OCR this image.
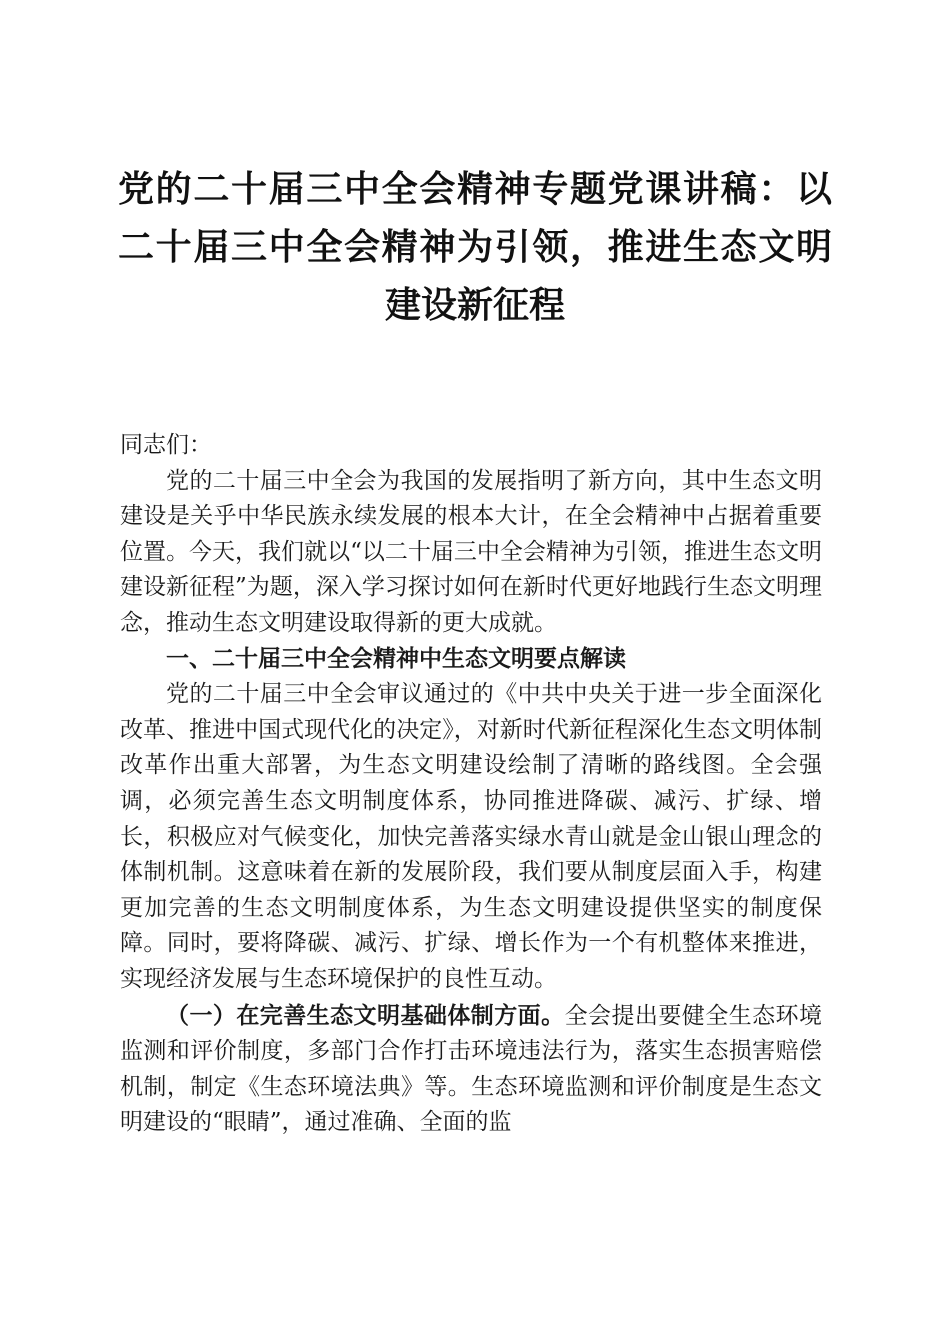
党的二十届三中全会精神专题党课讲稿：以二十届三中全会精神为引领，推进生态文明建设新征程

同志们：

党的二十届三中全会为我国的发展指明了新方向，其中生态文明建设是关乎中华民族永续发展的根本大计，在全会精神中占据着重要位置。今天，我们就以“以二十届三中全会精神为引领，推进生态文明建设新征程”为题，深入学习探讨如何在新时代更好地践行生态文明理念，推动生态文明建设取得新的更大成就。

一、二十届三中全会精神中生态文明要点解读

党的二十届三中全会审议通过的《中共中央关于进一步全面深化改革、推进中国式现代化的决定》，对新时代新征程深化生态文明体制改革作出重大部署，为生态文明建设绘制了清晰的路线图。全会强调，必须完善生态文明制度体系，协同推进降碳、减污、扩绿、增长，积极应对气候变化，加快完善落实绿水青山就是金山银山理念的体制机制。这意味着在新的发展阶段，我们要从制度层面入手，构建更加完善的生态文明制度体系，为生态文明建设提供坚实的制度保障。同时，要将降碳、减污、扩绿、增长作为一个有机整体来推进，实现经济发展与生态环境保护的良性互动。

（一）在完善生态文明基础体制方面。全会提出要健全生态环境监测和评价制度，多部门合作打击环境违法行为，落实生态损害赔偿机制，制定《生态环境法典》等。生态环境监测和评价制度是生态文明建设的“眼睛”，通过准确、全面的监
